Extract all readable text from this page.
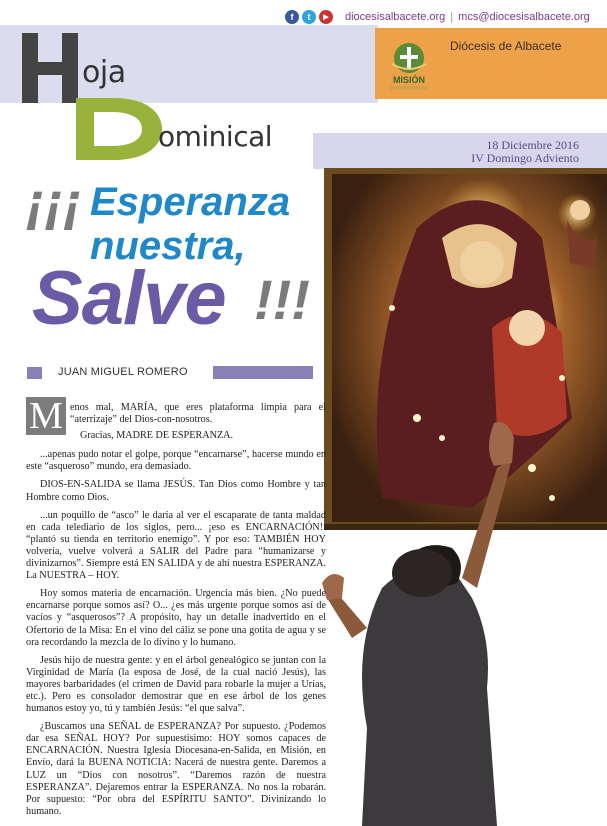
f	t	▶	diocesisalbacete.org | mcs@diocesisalbacete.org
MISIÓN
Diócesis de Albacete
18 Diciembre 2016
IV Domingo Adviento
oja
D ominical
¡¡¡ Esperanza
nuestra,
Salve !!!
JUAN MIGUEL ROMERO
M enos mal, MARÍA, que eres plataforma limpia para el “aterrizaje” del Dios-con-nosotros.

Gracias, MADRE DE ESPERANZA.

...apenas pudo notar el golpe, porque “encarnarse”, hacerse mundo en este “asqueroso” mundo, era demasiado.

DIOS-EN-SALIDA se llama JESÚS. Tan Dios como Hombre y tan Hombre como Dios.

...un poquillo de “asco” le daría al ver el escaparate de tanta maldad en cada telediario de los siglos, pero... ¡eso es ENCARNACIÓN!: “plantó su tienda en territorio enemigo”. Y por eso: TAMBIÉN HOY volvería, vuelve volverá a SALIR del Padre para “humanizarse y divinizarnos”. Siempre está EN SALIDA y de ahí nuestra ESPERANZA. La NUESTRA – HOY.

Hoy somos materia de encarnación. Urgencia más bien. ¿No puede encarnarse porque somos así? O... ¿es más urgente porque somos así de vacíos y “asquerosos”? A propósito, hay un detalle inadvertido en el Ofertorio de la Misa: En el vino del cáliz se pone una gotita de agua y se ora recordando la mezcla de lo divino y lo humano.

Jesús hijo de nuestra gente: y en el árbol genealógico se juntan con la Virginidad de María (la esposa de José, de la cual nació Jesús), las mayores barbaridades (el crimen de David para robarle la mujer a Urías, etc.). Pero es consolador demostrar que en ese árbol de los genes humanos estoy yo, tú y también Jesús: “el que salva”.

¿Buscamos una SEÑAL de ESPERANZA? Por supuesto. ¿Podemos dar esa SEÑAL HOY? Por supuestísimo: HOY somos capaces de ENCARNACIÓN. Nuestra Iglesia Diocesana-en-Salida, en Misión, en Envío, dará la BUENA NOTICIA: Nacerá de nuestra gente. Daremos a LUZ un “Dios con nosotros”. “Daremos razón de nuestra ESPERANZA”. Dejaremos entrar la ESPERANZA. No nos la robarán. Por supuesto: “Por obra del ESPÍRITU SANTO”. Divinizando lo humano.
